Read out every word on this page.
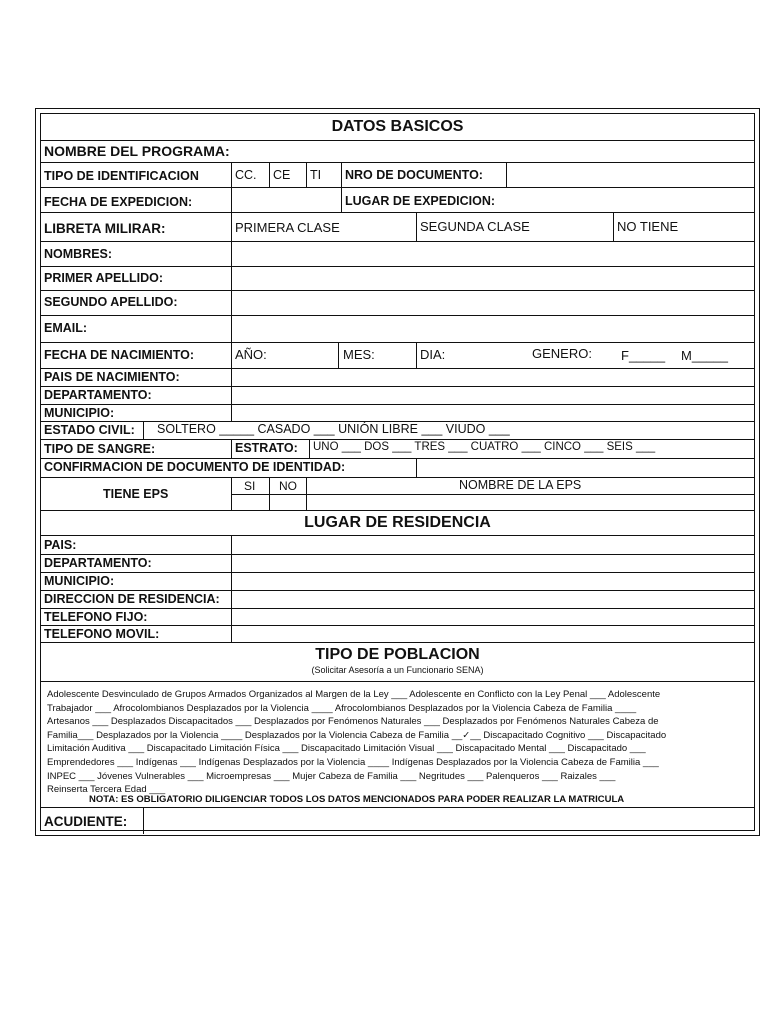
DATOS BASICOS
NOMBRE DEL PROGRAMA:
TIPO DE IDENTIFICACION	CC. CE TI NRO DE DOCUMENTO:
FECHA DE EXPEDICION:	LUGAR DE EXPEDICION:
LIBRETA MILIRAR:	PRIMERA CLASE	SEGUNDA CLASE	NO TIENE
NOMBRES:
PRIMER APELLIDO:
SEGUNDO APELLIDO:
EMAIL:
FECHA DE NACIMIENTO:	AÑO:	MES:	DIA:	GENERO: F_____ M_____
PAIS DE NACIMIENTO:
DEPARTAMENTO:
MUNICIPIO:
ESTADO CIVIL: SOLTERO _____ CASADO ___ UNIÓN LIBRE ___ VIUDO ___
TIPO DE SANGRE:	ESTRATO: UNO ___ DOS ___ TRES ___ CUATRO ___ CINCO ___ SEIS ___
CONFIRMACION DE DOCUMENTO DE IDENTIDAD:
TIENE EPS
SI NO	NOMBRE DE LA EPS
LUGAR DE RESIDENCIA
PAIS:
DEPARTAMENTO:
MUNICIPIO:
DIRECCION DE RESIDENCIA:
TELEFONO FIJO:
TELEFONO MOVIL:
TIPO DE POBLACION
(Solicitar Asesoría a un Funcionario SENA)
Adolescente Desvinculado de Grupos Armados Organizados al Margen de la Ley ___ Adolescente en Conflicto con la Ley Penal ___ Adolescente
Trabajador ___ Afrocolombianos Desplazados por la Violencia ____ Afrocolombianos Desplazados por la Violencia Cabeza de Familia ____
Artesanos ___ Desplazados Discapacitados ___ Desplazados por Fenómenos Naturales ___ Desplazados por Fenómenos Naturales Cabeza de
Familia___ Desplazados por la Violencia ____ Desplazados por la Violencia Cabeza de Familia __✓__ Discapacitado Cognitivo ___ Discapacitado
Limitación Auditiva ___ Discapacitado Limitación Física ___ Discapacitado Limitación Visual ___ Discapacitado Mental ___ Discapacitado ___
Emprendedores ___ Indígenas ___ Indígenas Desplazados por la Violencia ____ Indígenas Desplazados por la Violencia Cabeza de Familia ___
INPEC ___ Jóvenes Vulnerables ___ Microempresas ___ Mujer Cabeza de Familia ___ Negritudes ___ Palenqueros ___ Raizales ___
Reinserta Tercera Edad ___
NOTA: ES OBLIGATORIO DILIGENCIAR TODOS LOS DATOS MENCIONADOS PARA PODER REALIZAR LA MATRICULA
ACUDIENTE:
